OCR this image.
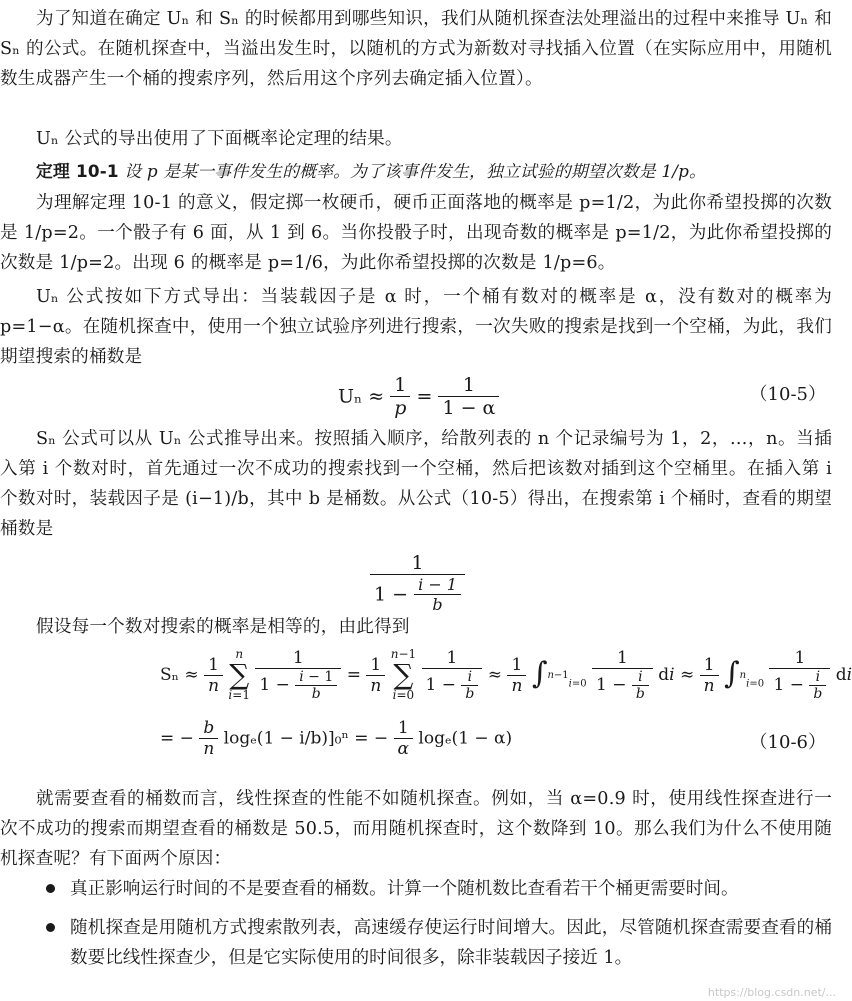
为了知道在确定 Uₙ 和 Sₙ 的时候都用到哪些知识，我们从随机探查法处理溢出的过程中来推导 Uₙ 和 Sₙ 的公式。在随机探查中，当溢出发生时，以随机的方式为新数对寻找插入位置（在实际应用中，用随机数生成器产生一个桶的搜索序列，然后用这个序列去确定插入位置）。
Uₙ 公式的导出使用了下面概率论定理的结果。
定理 10-1 设 p 是某一事件发生的概率。为了该事件发生，独立试验的期望次数是 1/p。
为理解定理 10-1 的意义，假定掷一枚硬币，硬币正面落地的概率是 p=1/2，为此你希望投掷的次数是 1/p=2。一个骰子有 6 面，从 1 到 6。当你投骰子时，出现奇数的概率是 p=1/2，为此你希望投掷的次数是 1/p=2。出现 6 的概率是 p=1/6，为此你希望投掷的次数是 1/p=6。
Uₙ 公式按如下方式导出：当装载因子是 α 时，一个桶有数对的概率是 α，没有数对的概率为 p=1−α。在随机探查中，使用一个独立试验序列进行搜索，一次失败的搜索是找到一个空桶，为此，我们期望搜索的桶数是
$U_n \approx \frac{1}{p} = \frac{1}{1 - \alpha}$	（10-5）
Sₙ 公式可以从 Uₙ 公式推导出来。按照插入顺序，给散列表的 n 个记录编号为 1，2，…，n。当插入第 i 个数对时，首先通过一次不成功的搜索找到一个空桶，然后把该数对插到这个空桶里。在插入第 i 个数对时，装载因子是 (i−1)/b，其中 b 是桶数。从公式（10-5）得出，在搜索第 i 个桶时，查看的期望桶数是
$\frac{1}{1 - \frac{i - 1}{b}}$
假设每一个数对搜索的概率是相等的，由此得到
$S_n \approx \frac{1}{n}$
n
∑
$i=1 \frac{1}{1 - \frac{i - 1}{b}} = \frac{1}{n}$
n−1
∑
$i=0 \frac{1}{1 - \frac{i}{b}} \approx \frac{1}{n} \int^{n-1}_{i=0} \frac{1}{1 - \frac{i}{b}}$ di ≈ $\frac{1}{n} \int^n_{i=0} \frac{1}{1 - \frac{i}{b}}$ di
= − $\frac{b}{n} \log_e(1 - i/b)]_0^n$ = − $\frac{1}{\alpha} \log_e(1 - \alpha)$	（10-6）
就需要查看的桶数而言，线性探查的性能不如随机探查。例如，当 α=0.9 时，使用线性探查进行一次不成功的搜索而期望查看的桶数是 50.5，而用随机探查时，这个数降到 10。那么我们为什么不使用随机探查呢？有下面两个原因：
真正影响运行时间的不是要查看的桶数。计算一个随机数比查看若干个桶更需要时间。
随机探查是用随机方式搜索散列表，高速缓存使运行时间增大。因此，尽管随机探查需要查看的桶数要比线性探查少，但是它实际使用的时间很多，除非装载因子接近 1。
https://blog.csdn.net/...
